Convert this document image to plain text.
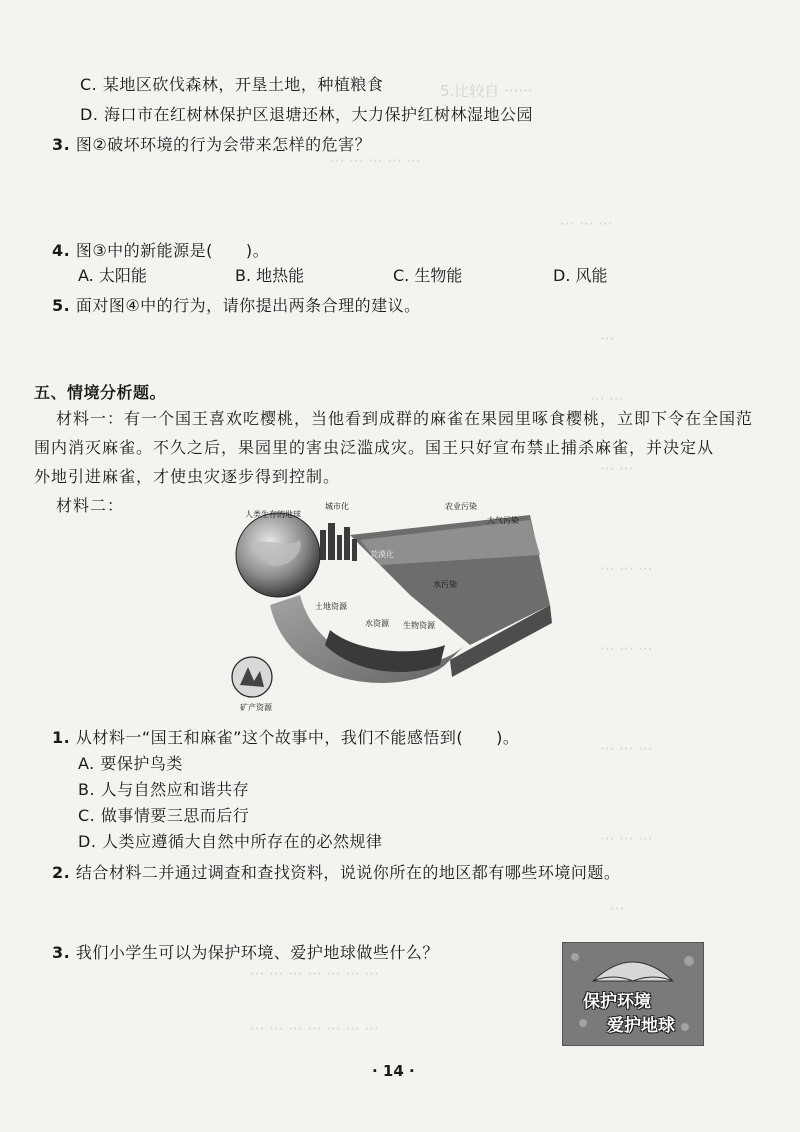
5.比较自 ······
··· ··· ··· ··· ···
··· ··· ···
···
··· ···
··· ···
··· ··· ···
··· ··· ···
··· ··· ···
··· ··· ···
···
··· ··· ··· ··· ··· ··· ···
··· ··· ··· ··· ··· ··· ···
C. 某地区砍伐森林，开垦土地，种植粮食
D. 海口市在红树林保护区退塘还林，大力保护红树林湿地公园
3. 图②破坏环境的行为会带来怎样的危害？
4. 图③中的新能源是(　　)。
A. 太阳能	B. 地热能	C. 生物能	D. 风能
5. 面对图④中的行为，请你提出两条合理的建议。
五、情境分析题。
材料一：有一个国王喜欢吃樱桃，当他看到成群的麻雀在果园里啄食樱桃，立即下令在全国范
围内消灭麻雀。不久之后，果园里的害虫泛滥成灾。国王只好宣布禁止捕杀麻雀，并决定从
外地引进麻雀，才使虫灾逐步得到控制。
材料二：	人类生存的地球
城市化	农业污染
大气污染
荒漠化
水污染
土地资源
水资源 生物资源
矿产资源
1. 从材料一“国王和麻雀”这个故事中，我们不能感悟到(　　)。
A. 要保护鸟类
B. 人与自然应和谐共存
C. 做事情要三思而后行
D. 人类应遵循大自然中所存在的必然规律
2. 结合材料二并通过调查和查找资料，说说你所在的地区都有哪些环境问题。
3. 我们小学生可以为保护环境、爱护地球做些什么？
保护环境
爱护地球
· 14 ·
